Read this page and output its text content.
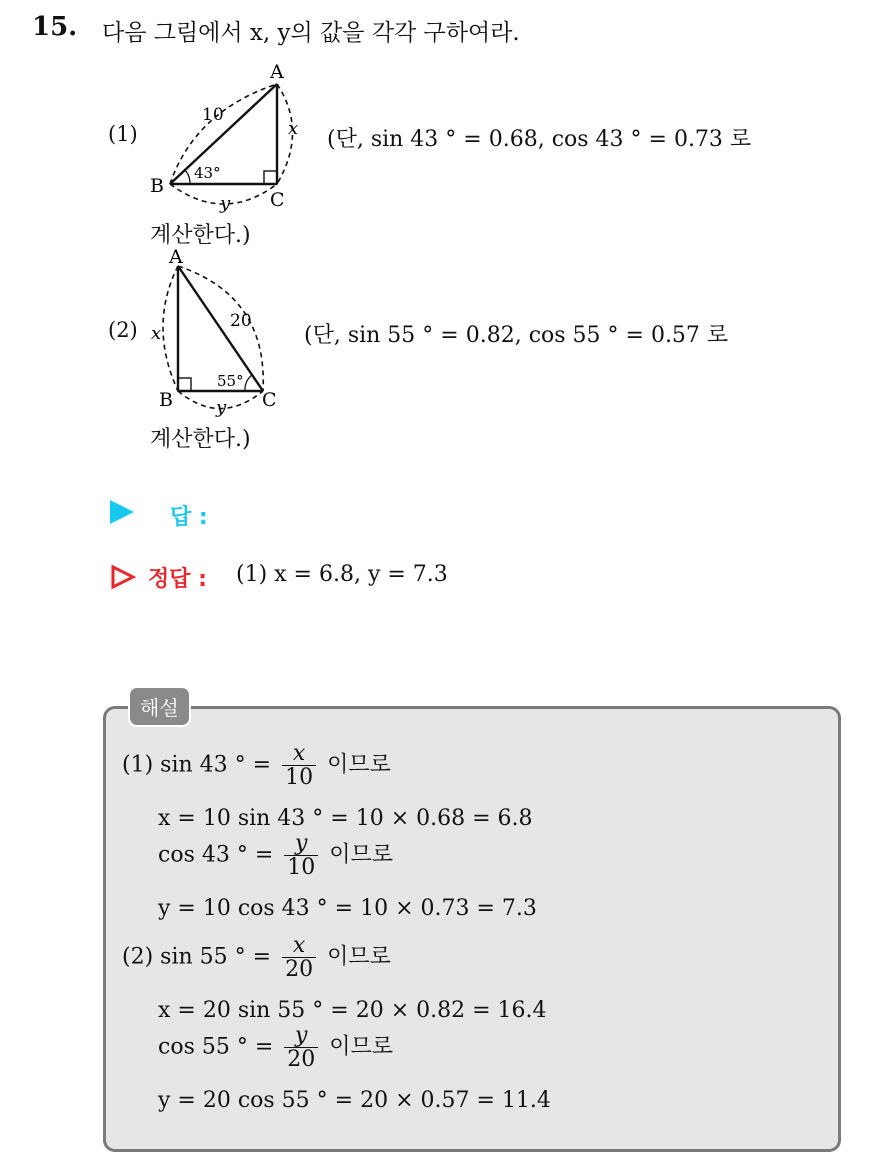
15. 다음 그림에서 x, y의 값을 각각 구하여라.
(1)
A
B
C
10
43°
x
y
(단, sin 43 ° = 0.68, cos 43 ° = 0.73 로
계산한다.)
(2)
A
B	C
20
55°
x
y
(단, sin 55 ° = 0.82, cos 55 ° = 0.57 로
계산한다.)
답 :
정답 : (1) x = 6.8, y = 7.3
해설
(1) sin 43 ° = $\frac{x}{10}$ 이므로
x = 10 sin 43 ° = 10 × 0.68 = 6.8
cos 43 ° = $\frac{y}{10}$ 이므로
y = 10 cos 43 ° = 10 × 0.73 = 7.3
(2) sin 55 ° = $\frac{x}{20}$ 이므로
x = 20 sin 55 ° = 20 × 0.82 = 16.4
cos 55 ° = $\frac{y}{20}$ 이므로
y = 20 cos 55 ° = 20 × 0.57 = 11.4
